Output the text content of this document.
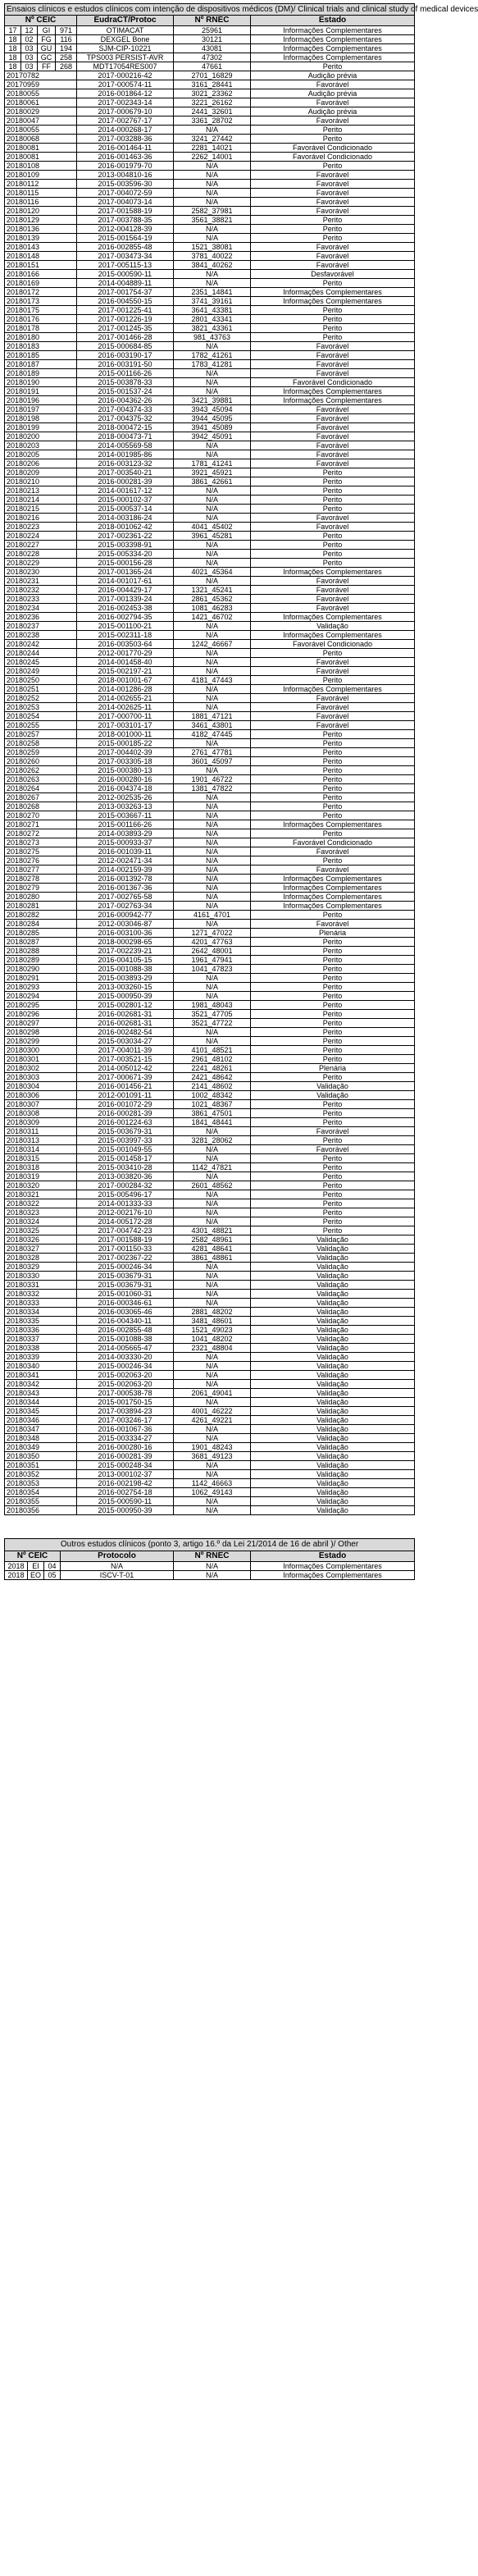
Ensaios clínicos e estudos clínicos com intenção de dispositivos médicos (DM)/ Clinical trials and clinical study of medical devices						
Nº CEIC				EudraCT/Protoc	Nº RNEC	Estado
17	12	GI	971	OTIMACAT	25961	Informações Complementares
18	02	FG	116	DEXGEL Bone	30121	Informações Complementares
18	03	GU	194	SJM-CIP-10221	43081	Informações Complementares
18	03	GC	258	TPS003 PERSIST-AVR	47302	Informações Complementares
18	03	FF	268	MDT17054RES007	47661	Perito
20170782				2017-000216-42	2701_16829	Audição prévia
20170959				2017-000574-11	3161_28441	Favorável
20180055				2016-001864-12	3021_23362	Audição prévia
20180061				2017-002343-14	3221_26162	Favorável
20180029				2017-000679-10	2441_32601	Audição prévia
20180047				2017-002767-17	3361_28702	Favorável
20180055				2014-000268-17	N/A	Perito
20180068				2017-003288-36	3241_27442	Perito
20180081				2016-001464-11	2281_14021	Favorável Condicionado
20180081				2016-001463-36	2262_14001	Favorável Condicionado
20180108				2016-001979-70	N/A	Perito
20180109				2013-004810-16	N/A	Favorável
20180112				2015-003596-30	N/A	Favorável
20180115				2017-004072-59	N/A	Favorável
20180116				2017-004073-14	N/A	Favorável
20180120				2017-001588-19	2582_37981	Favorável
20180129				2017-003788-35	3561_38821	Perito
20180136				2012-004128-39	N/A	Perito
20180139				2015-001564-19	N/A	Perito
20180143				2016-002855-48	1521_38081	Favorável
20180148				2017-003473-34	3781_40022	Favorável
20180151				2017-005115-13	3841_40262	Favorável
20180166				2015-000590-11	N/A	Desfavorável
20180169				2014-004889-11	N/A	Perito
20180172				2017-001754-37	2351_14841	Informações Complementares
20180173				2016-004550-15	3741_39161	Informações Complementares
20180175				2017-001225-41	3641_43381	Perito
20180176				2017-001226-19	2801_43341	Perito
20180178				2017-001245-35	3821_43361	Perito
20180180				2017-001466-28	981_43763	Perito
20180183				2015-000684-85	N/A	Favorável
20180185				2016-003190-17	1782_41261	Favorável
20180187				2016-003191-50	1783_41281	Favorável
20180189				2015-001166-26	N/A	Favorável
20180190				2015-003878-33	N/A	Favorável Condicionado
20180191				2015-001537-24	N/A	Informações Complementares
20180196				2016-004362-26	3421_39881	Informações Complementares
20180197				2017-004374-33	3943_45094	Favorável
20180198				2017-004375-32	3944_45095	Favorável
20180199				2018-000472-15	3941_45089	Favorável
20180200				2018-000473-71	3942_45091	Favorável
20180203				2014-005569-58	N/A	Favorável
20180205				2014-001985-86	N/A	Favorável
20180206				2016-003123-32	1781_41241	Favorável
20180209				2017-003540-21	3921_45921	Perito
20180210				2016-000281-39	3861_42661	Perito
20180213				2014-001617-12	N/A	Perito
20180214				2015-000102-37	N/A	Perito
20180215				2015-000537-14	N/A	Perito
20180216				2014-003186-24	N/A	Favorável
20180223				2018-001062-42	4041_45402	Favorável
20180224				2017-002361-22	3961_45281	Perito
20180227				2015-003398-91	N/A	Perito
20180228				2015-005334-20	N/A	Perito
20180229				2015-000156-28	N/A	Perito
20180230				2017-001365-24	4021_45364	Informações Complementares
20180231				2014-001017-61	N/A	Favorável
20180232				2016-004429-17	1321_45241	Favorável
20180233				2017-001339-24	2861_45362	Favorável
20180234				2016-002453-38	1081_46283	Favorável
20180236				2016-002794-35	1421_46702	Informações Complementares
20180237				2015-001100-21	N/A	Validação
20180238				2015-002311-18	N/A	Informações Complementares
20180242				2016-003503-64	1242_46667	Favorável Condicionado
20180244				2012-001770-29	N/A	Perito
20180245				2014-001458-40	N/A	Favorável
20180249				2015-002197-21	N/A	Favorável
20180250				2018-001001-67	4181_47443	Perito
20180251				2014-001286-28	N/A	Informações Complementares
20180252				2014-002655-21	N/A	Favorável
20180253				2014-002625-11	N/A	Favorável
20180254				2017-000700-11	1881_47121	Favorável
20180255				2017-003101-17	3461_43801	Favorável
20180257				2018-001000-11	4182_47445	Perito
20180258				2015-000185-22	N/A	Perito
20180259				2017-004402-39	2761_47781	Perito
20180260				2017-003305-18	3601_45097	Perito
20180262				2015-000380-13	N/A	Perito
20180263				2016-000280-16	1901_46722	Perito
20180264				2016-004374-18	1381_47822	Perito
20180267				2012-002535-26	N/A	Perito
20180268				2013-003263-13	N/A	Perito
20180270				2015-003667-11	N/A	Perito
20180271				2015-001166-26	N/A	Informações Complementares
20180272				2014-003893-29	N/A	Perito
20180273				2015-000933-37	N/A	Favorável Condicionado
20180275				2016-001039-11	N/A	Favorável
20180276				2012-002471-34	N/A	Perito
20180277				2014-002159-39	N/A	Favorável
20180278				2016-001392-78	N/A	Informações Complementares
20180279				2016-001367-36	N/A	Informações Complementares
20180280				2017-002765-58	N/A	Informações Complementares
20180281				2017-002763-34	N/A	Informações Complementares
20180282				2016-000942-77	4161_4701	Perito
20180284				2012-003046-87	N/A	Favorável
20180285				2016-003100-36	1271_47022	Plenária
20180287				2018-000298-65	4201_47763	Perito
20180288				2017-002239-21	2642_48001	Perito
20180289				2016-004105-15	1961_47941	Perito
20180290				2015-001088-38	1041_47823	Perito
20180291				2015-003893-29	N/A	Perito
20180293				2013-003260-15	N/A	Perito
20180294				2015-000950-39	N/A	Perito
20180295				2015-002801-12	1981_48043	Perito
20180296				2016-002681-31	3521_47705	Perito
20180297				2016-002681-31	3521_47722	Perito
20180298				2016-002482-54	N/A	Perito
20180299				2015-003034-27	N/A	Perito
20180300				2017-004011-39	4101_48521	Perito
20180301				2017-003521-15	2961_48102	Perito
20180302				2014-005012-42	2241_48261	Plenária
20180303				2017-000671-39	2421_48642	Perito
20180304				2016-001456-21	2141_48602	Validação
20180306				2012-001091-11	1002_48342	Validação
20180307				2016-001072-29	1021_48367	Perito
20180308				2016-000281-39	3861_47501	Perito
20180309				2016-001224-63	1841_48441	Perito
20180311				2015-003679-31	N/A	Favorável
20180313				2015-003997-33	3281_28062	Perito
20180314				2015-001049-55	N/A	Favorável
20180315				2015-001458-17	N/A	Perito
20180318				2015-003410-28	1142_47821	Perito
20180319				2013-003820-36	N/A	Perito
20180320				2017-000284-32	2601_48562	Perito
20180321				2015-005496-17	N/A	Perito
20180322				2014-001333-33	N/A	Perito
20180323				2012-002176-10	N/A	Perito
20180324				2014-005172-28	N/A	Perito
20180325				2017-004742-23	4301_48821	Perito
20180326				2017-001588-19	2582_48961	Validação
20180327				2017-001150-33	4281_48641	Validação
20180328				2017-002367-22	3861_48861	Validação
20180329				2015-000246-34	N/A	Validação
20180330				2015-003679-31	N/A	Validação
20180331				2015-003679-31	N/A	Validação
20180332				2015-001060-31	N/A	Validação
20180333				2016-000346-61	N/A	Validação
20180334				2016-003065-46	2881_48202	Validação
20180335				2016-004340-11	3481_48601	Validação
20180336				2016-002855-48	1521_49023	Validação
20180337				2015-001088-38	1041_48202	Validação
20180338				2014-005665-47	2321_48804	Validação
20180339				2014-003330-20	N/A	Validação
20180340				2015-000246-34	N/A	Validação
20180341				2015-002063-20	N/A	Validação
20180342				2015-002063-20	N/A	Validação
20180343				2017-000538-78	2061_49041	Validação
20180344				2015-001750-15	N/A	Validação
20180345				2017-003894-23	4001_46222	Validação
20180346				2017-003246-17	4261_49221	Validação
20180347				2016-001067-36	N/A	Validação
20180348				2015-003334-27	N/A	Validação
20180349				2016-000280-16	1901_48243	Validação
20180350				2016-000281-39	3681_49123	Validação
20180351				2015-000248-34	N/A	Validação
20180352				2013-000102-37	N/A	Validação
20180353				2016-002198-42	1142_46663	Validação
20180354				2016-002754-18	1062_49143	Validação
20180355				2015-000590-11	N/A	Validação
20180356				2015-000950-39	N/A	Validação
Outros estudos clínicos (ponto 3, artigo 16.º da Lei 21/2014 de 16 de abril )/ Other					
Nº CEIC			Protocolo	Nº RNEC	Estado
2018	EI	04	N/A	N/A	Informações Complementares
2018	EO	05	ISCV-T-01	N/A	Informações Complementares
